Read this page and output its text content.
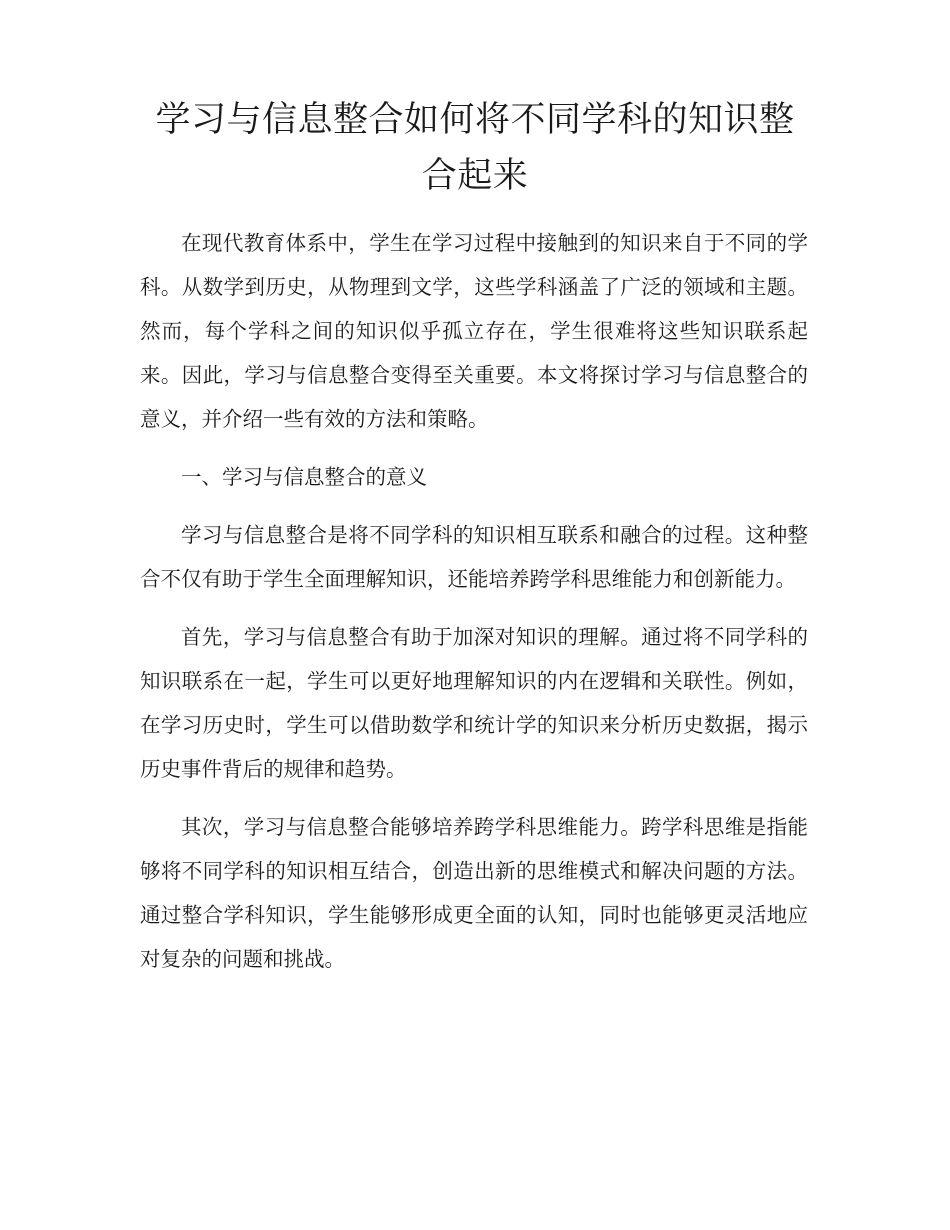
学习与信息整合如何将不同学科的知识整合起来

在现代教育体系中，学生在学习过程中接触到的知识来自于不同的学科。从数学到历史，从物理到文学，这些学科涵盖了广泛的领域和主题。然而，每个学科之间的知识似乎孤立存在，学生很难将这些知识联系起来。因此，学习与信息整合变得至关重要。本文将探讨学习与信息整合的意义，并介绍一些有效的方法和策略。

一、学习与信息整合的意义

学习与信息整合是将不同学科的知识相互联系和融合的过程。这种整合不仅有助于学生全面理解知识，还能培养跨学科思维能力和创新能力。

首先，学习与信息整合有助于加深对知识的理解。通过将不同学科的知识联系在一起，学生可以更好地理解知识的内在逻辑和关联性。例如，在学习历史时，学生可以借助数学和统计学的知识来分析历史数据，揭示历史事件背后的规律和趋势。

其次，学习与信息整合能够培养跨学科思维能力。跨学科思维是指能够将不同学科的知识相互结合，创造出新的思维模式和解决问题的方法。通过整合学科知识，学生能够形成更全面的认知，同时也能够更灵活地应对复杂的问题和挑战。
